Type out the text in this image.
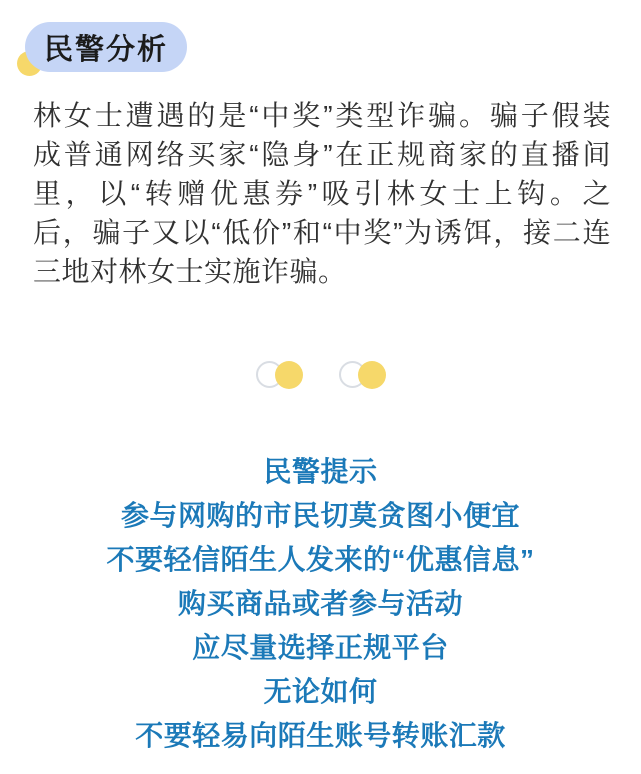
民警分析
林女士遭遇的是“中奖”类型诈骗。骗子假装
成普通网络买家“隐身”在正规商家的直播间
里，以“转赠优惠券”吸引林女士上钩。之
后，骗子又以“低价”和“中奖”为诱饵，接二连
三地对林女士实施诈骗。
民警提示
参与网购的市民切莫贪图小便宜
不要轻信陌生人发来的“优惠信息”
购买商品或者参与活动
应尽量选择正规平台
无论如何
不要轻易向陌生账号转账汇款
